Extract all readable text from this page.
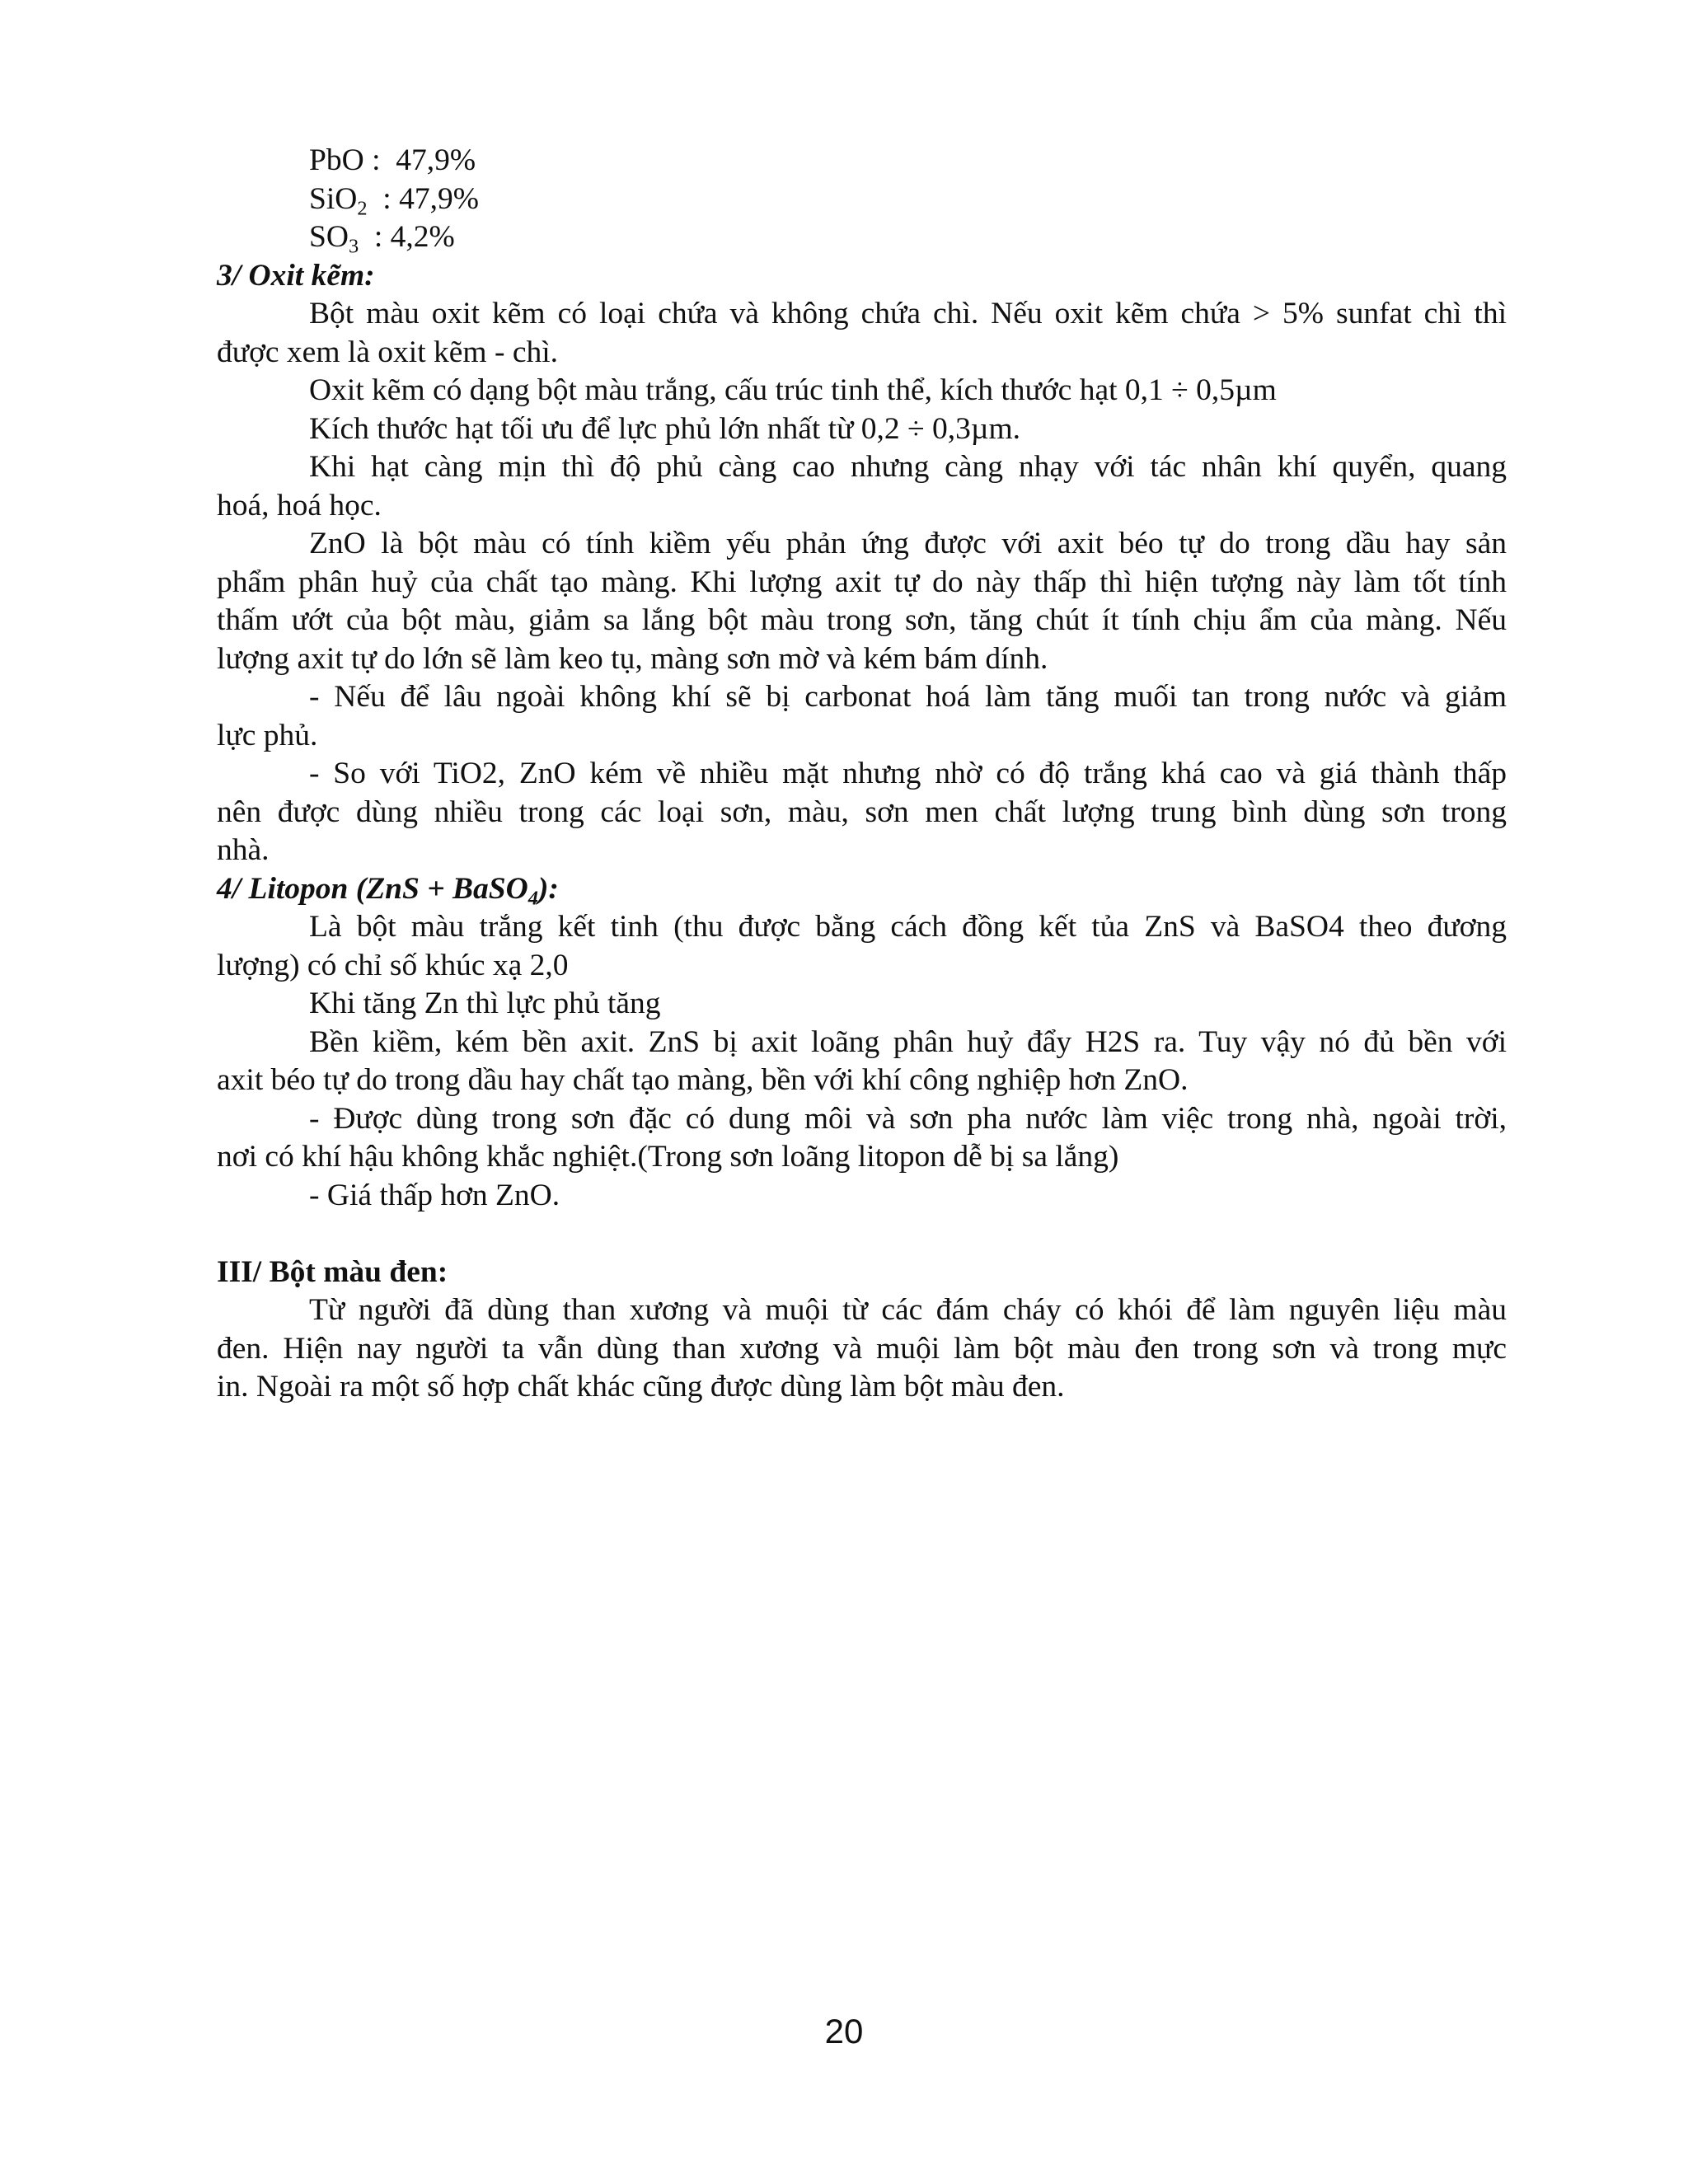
PbO :  47,9%
SiO$_2$  : 47,9%
$SO_3$  : 4,2%
3/ Oxit kẽm:
Bột màu oxit kẽm có loại chứa và không chứa chì. Nếu oxit kẽm chứa > 5% sunfat chì thì
được xem là oxit kẽm - chì.
Oxit kẽm có dạng bột màu trắng, cấu trúc tinh thể, kích thước hạt 0,1 ÷ 0,5µm
Kích thước hạt tối ưu để lực phủ lớn nhất từ 0,2 ÷ 0,3µm.
Khi hạt càng mịn thì độ phủ càng cao nhưng càng nhạy với tác nhân khí quyển, quang
hoá, hoá học.
ZnO là bột màu có tính kiềm yếu phản ứng được với axit béo tự do trong dầu hay sản
phẩm phân huỷ của chất tạo màng. Khi lượng axit tự do này thấp thì hiện tượng này làm tốt tính
thấm ướt của bột màu, giảm sa lắng bột màu trong sơn, tăng chút ít tính chịu ẩm của màng. Nếu
lượng axit tự do lớn sẽ làm keo tụ, màng sơn mờ và kém bám dính.
- Nếu để lâu ngoài không khí sẽ bị carbonat hoá làm tăng muối tan trong nước và giảm
lực phủ.
- So với TiO2, ZnO kém về nhiều mặt nhưng nhờ có độ trắng khá cao và giá thành thấp
nên được dùng nhiều trong các loại sơn, màu, sơn men chất lượng trung bình dùng sơn trong
nhà.
4/ Litopon (ZnS + BaSO$_4$):
Là bột màu trắng kết tinh (thu được bằng cách đồng kết tủa ZnS và BaSO4 theo đương
lượng) có chỉ số khúc xạ 2,0
Khi tăng Zn thì lực phủ tăng
Bền kiềm, kém bền axit. ZnS bị axit loãng phân huỷ đẩy H2S ra. Tuy vậy nó đủ bền với
axit béo tự do trong dầu hay chất tạo màng, bền với khí công nghiệp hơn ZnO.
- Được dùng trong sơn đặc có dung môi và sơn pha nước làm việc trong nhà, ngoài trời,
nơi có khí hậu không khắc nghiệt.(Trong sơn loãng litopon dễ bị sa lắng)
- Giá thấp hơn ZnO.
III/ Bột màu đen:
Từ người đã dùng than xương và muội từ các đám cháy có khói để làm nguyên liệu màu
đen. Hiện nay người ta vẫn dùng than xương và muội làm bột màu đen trong sơn và trong mực
in. Ngoài ra một số hợp chất khác cũng được dùng làm bột màu đen.
20
